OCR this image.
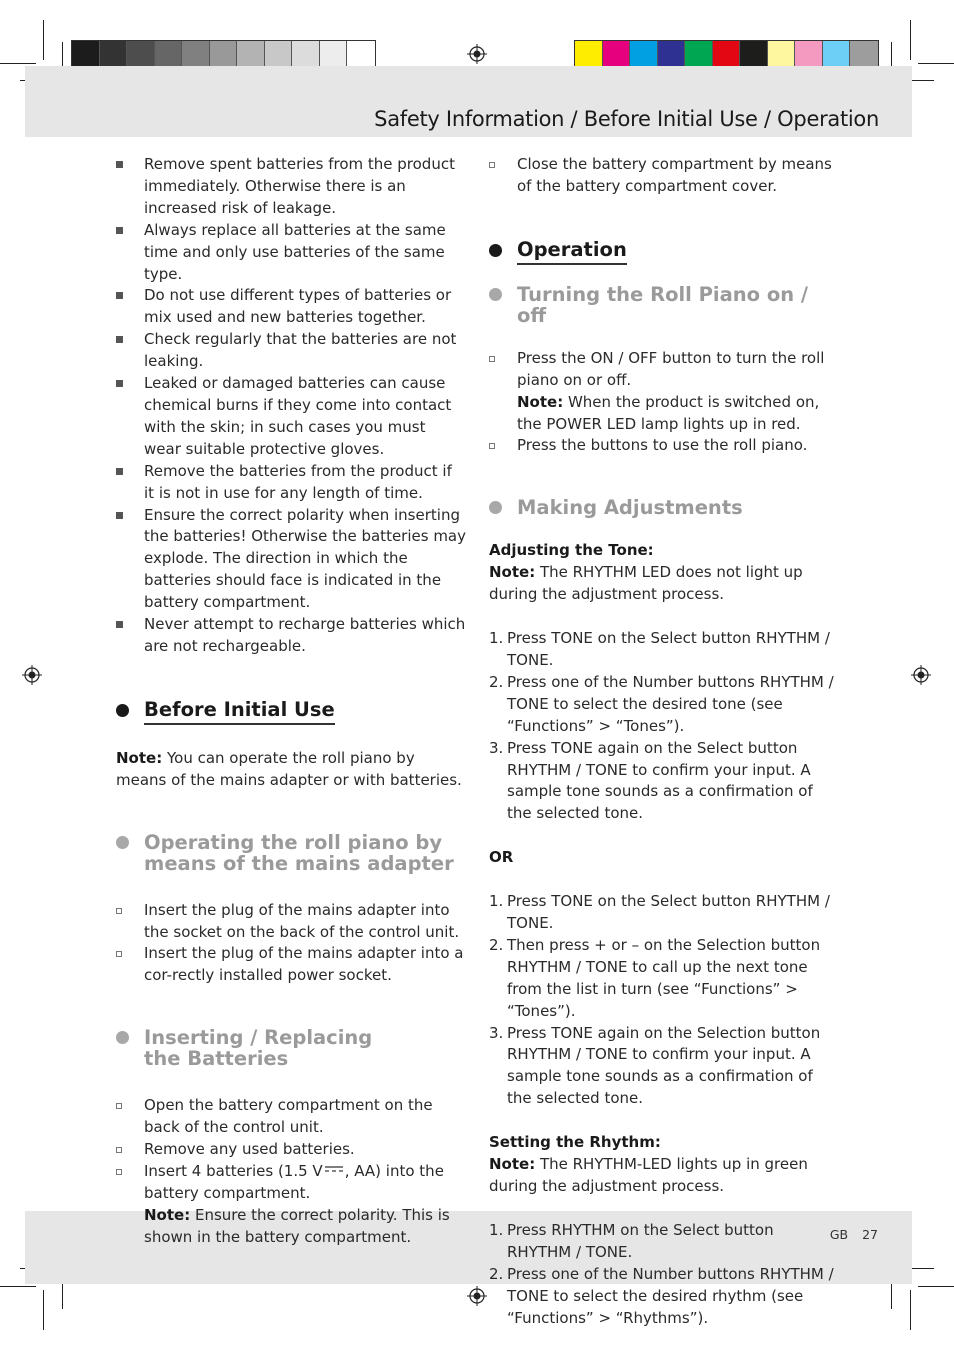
Safety Information / Before Initial Use / Operation
GB 27
Remove spent batteries from the product immediately. Otherwise there is an increased risk of leakage.
Always replace all batteries at the same time and only use batteries of the same type.
Do not use different types of batteries or mix used and new batteries together.
Check regularly that the batteries are not leaking.
Leaked or damaged batteries can cause chemical burns if they come into contact with the skin; in such cases you must wear suitable protective gloves.
Remove the batteries from the product if it is not in use for any length of time.
Ensure the correct polarity when inserting the batteries! Otherwise the batteries may explode. The direction in which the batteries should face is indicated in the battery compartment.
Never attempt to recharge batteries which are not rechargeable.
Before Initial Use
Note: You can operate the roll piano by means of the mains adapter or with batteries.
Operating the roll piano by
means of the mains adapter
Insert the plug of the mains adapter into the socket on the back of the control unit.
Insert the plug of the mains adapter into a cor-rectly installed power socket.
Inserting / Replacing
the Batteries
Open the battery compartment on the back of the control unit.
Remove any used batteries.
Insert 4 batteries (1.5 V , AA) into the battery compartment.
Note: Ensure the correct polarity. This is shown in the battery compartment.
Close the battery compartment by means of the battery compartment cover.
Operation
Turning the Roll Piano on / off
Press the ON / OFF button to turn the roll piano on or off.
Note: When the product is switched on, the POWER LED lamp lights up in red.
Press the buttons to use the roll piano.
Making Adjustments
Adjusting the Tone:
Note: The RHYTHM LED does not light up during the adjustment process.
1. Press TONE on the Select button RHYTHM / TONE.
2. Press one of the Number buttons RHYTHM / TONE to select the desired tone (see “Functions” > “Tones”).
3. Press TONE again on the Select button RHYTHM / TONE to confirm your input. A sample tone sounds as a confirmation of the selected tone.
OR
1. Press TONE on the Select button RHYTHM / TONE.
2. Then press + or – on the Selection button RHYTHM / TONE to call up the next tone from the list in turn (see “Functions” > “Tones”).
3. Press TONE again on the Selection button RHYTHM / TONE to confirm your input. A sample tone sounds as a confirmation of the selected tone.
Setting the Rhythm:
Note: The RHYTHM-LED lights up in green during the adjustment process.
1. Press RHYTHM on the Select button RHYTHM / TONE.
2. Press one of the Number buttons RHYTHM / TONE to select the desired rhythm (see “Functions” > “Rhythms”).
